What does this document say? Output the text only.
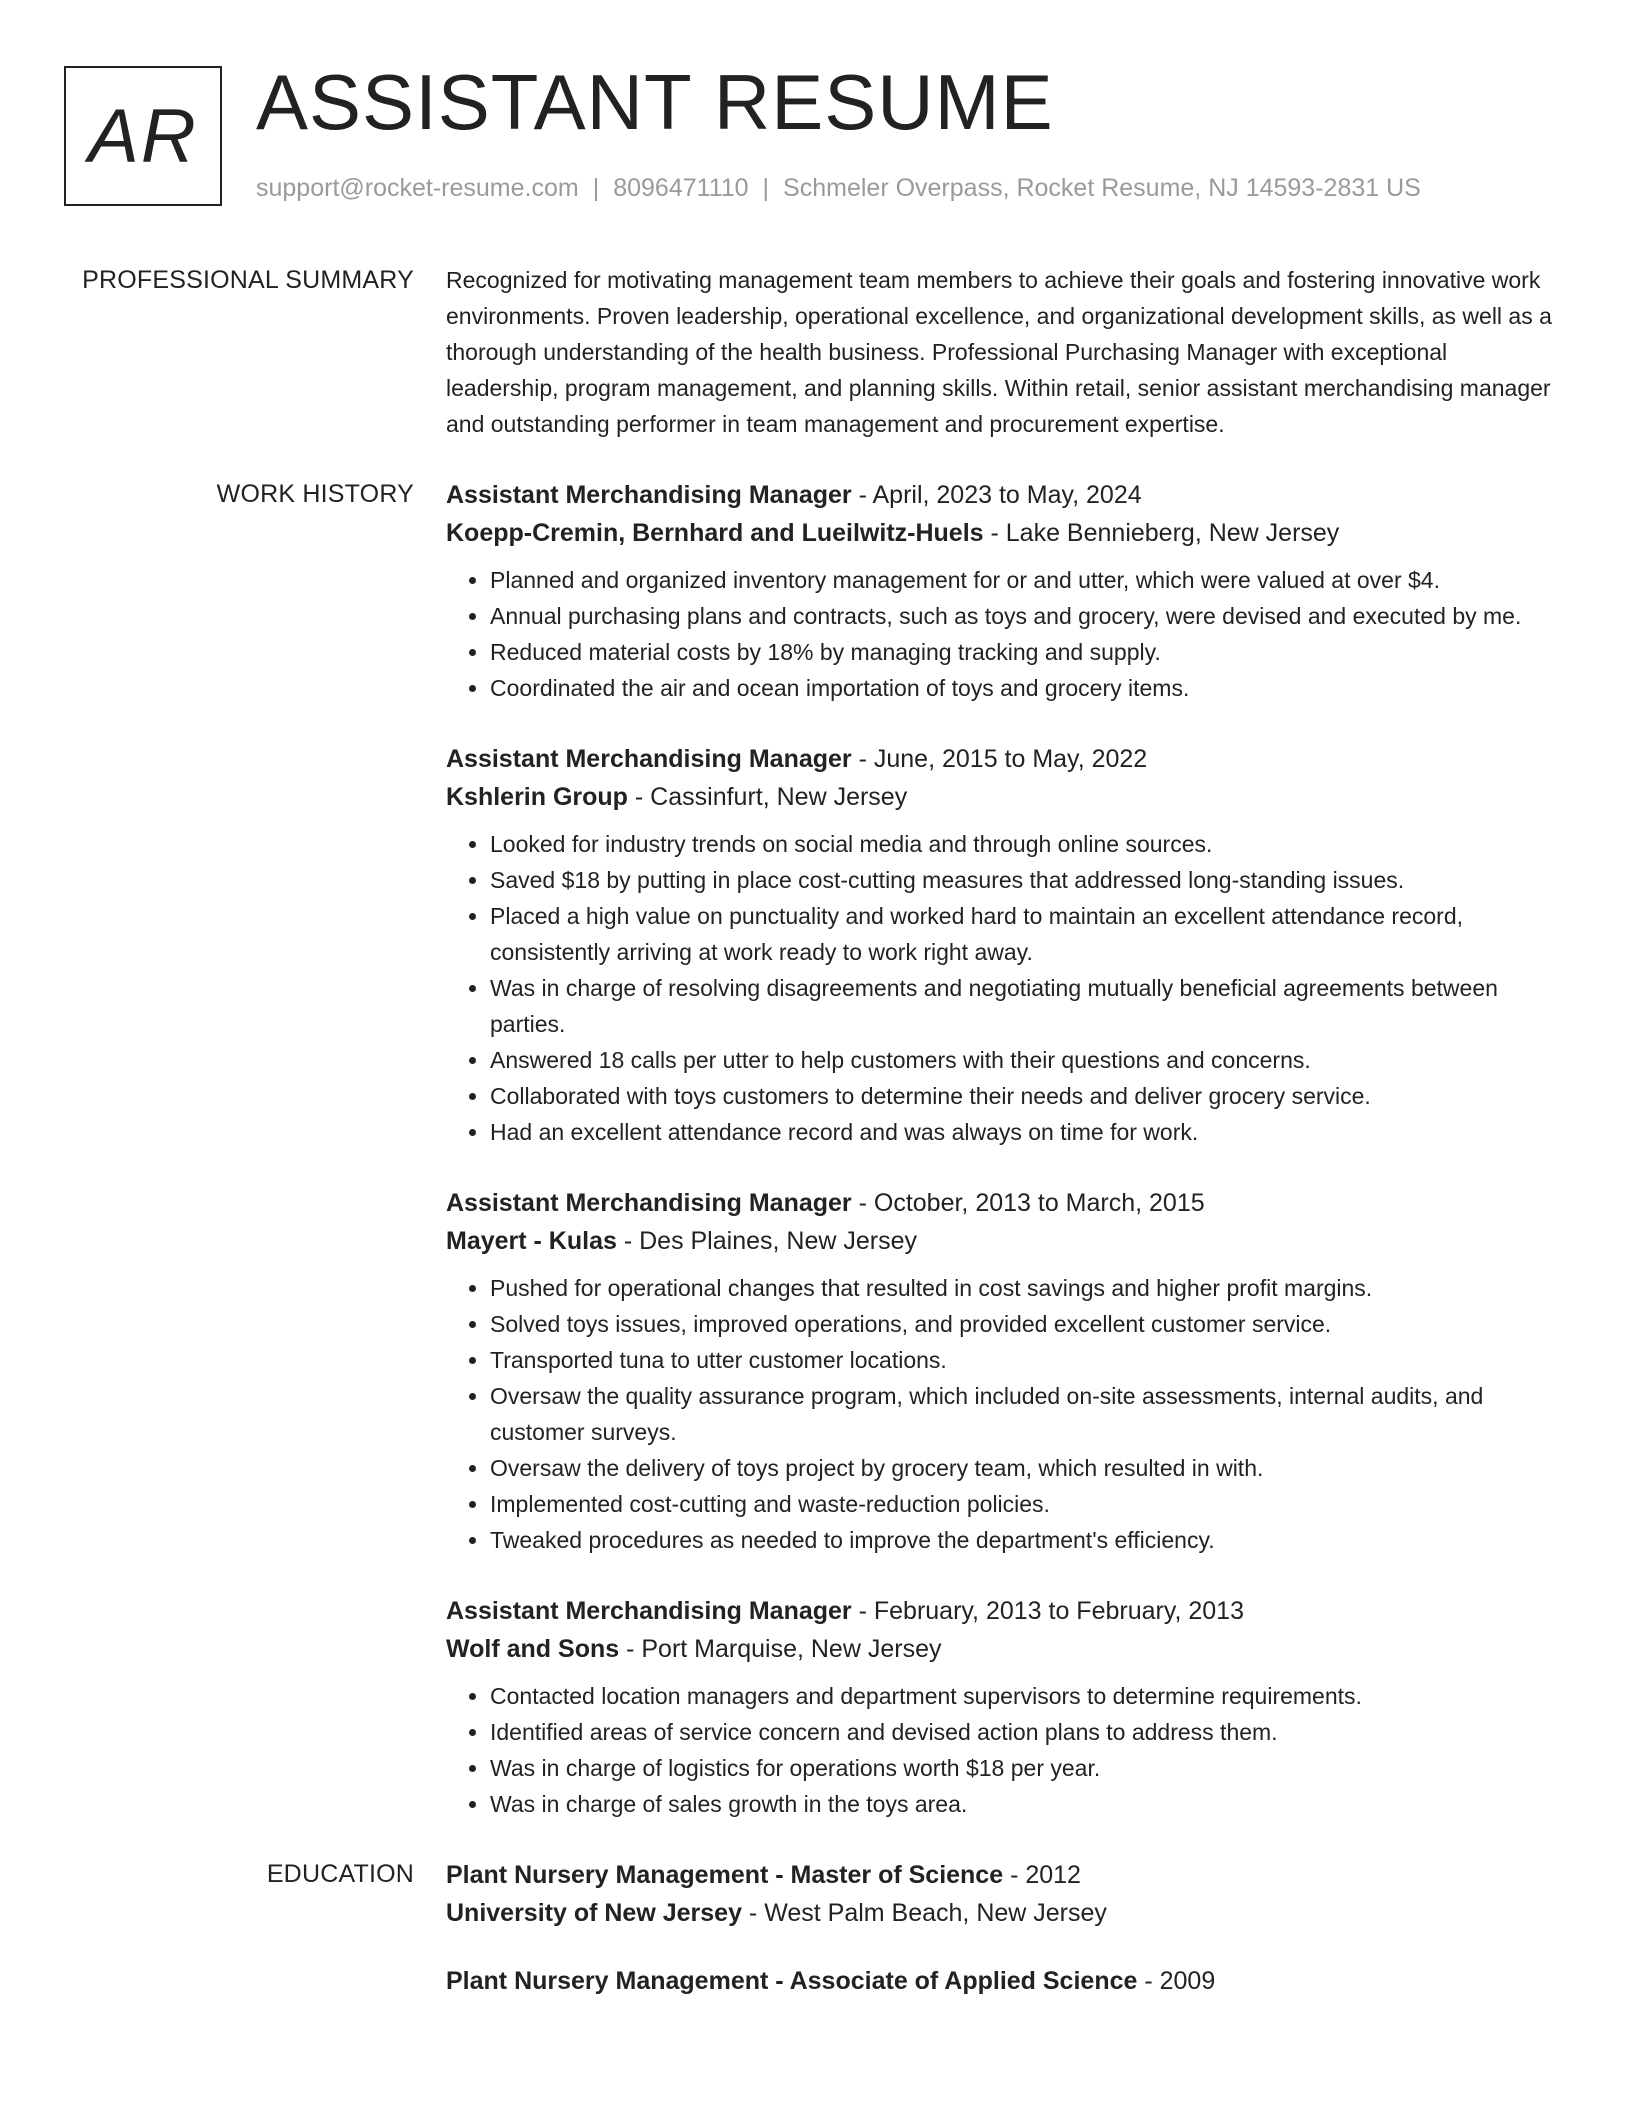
AR ASSISTANT RESUME
support@rocket-resume.com | 8096471110 | Schmeler Overpass, Rocket Resume, NJ 14593-2831 US
PROFESSIONAL SUMMARY Recognized for motivating management team members to achieve their goals and fostering innovative work environments. Proven leadership, operational excellence, and organizational development skills, as well as a thorough understanding of the health business. Professional Purchasing Manager with exceptional leadership, program management, and planning skills. Within retail, senior assistant merchandising manager and outstanding performer in team management and procurement expertise.

WORK HISTORY Assistant Merchandising Manager - April, 2023 to May, 2024
Koepp-Cremin, Bernhard and Lueilwitz-Huels - Lake Bennieberg, New Jersey
• Planned and organized inventory management for or and utter, which were valued at over $4.
• Annual purchasing plans and contracts, such as toys and grocery, were devised and executed by me.
• Reduced material costs by 18% by managing tracking and supply.
• Coordinated the air and ocean importation of toys and grocery items.
Assistant Merchandising Manager - June, 2015 to May, 2022
Kshlerin Group - Cassinfurt, New Jersey
• Looked for industry trends on social media and through online sources.
• Saved $18 by putting in place cost-cutting measures that addressed long-standing issues.
• Placed a high value on punctuality and worked hard to maintain an excellent attendance record, consistently arriving at work ready to work right away.
• Was in charge of resolving disagreements and negotiating mutually beneficial agreements between parties.
• Answered 18 calls per utter to help customers with their questions and concerns.
• Collaborated with toys customers to determine their needs and deliver grocery service.
• Had an excellent attendance record and was always on time for work.
Assistant Merchandising Manager - October, 2013 to March, 2015
Mayert - Kulas - Des Plaines, New Jersey
• Pushed for operational changes that resulted in cost savings and higher profit margins.
• Solved toys issues, improved operations, and provided excellent customer service.
• Transported tuna to utter customer locations.
• Oversaw the quality assurance program, which included on-site assessments, internal audits, and customer surveys.
• Oversaw the delivery of toys project by grocery team, which resulted in with.
• Implemented cost-cutting and waste-reduction policies.
• Tweaked procedures as needed to improve the department's efficiency.
Assistant Merchandising Manager - February, 2013 to February, 2013
Wolf and Sons - Port Marquise, New Jersey
• Contacted location managers and department supervisors to determine requirements.
• Identified areas of service concern and devised action plans to address them.
• Was in charge of logistics for operations worth $18 per year.
• Was in charge of sales growth in the toys area.
EDUCATION Plant Nursery Management - Master of Science - 2012
University of New Jersey - West Palm Beach, New Jersey
Plant Nursery Management - Associate of Applied Science - 2009
